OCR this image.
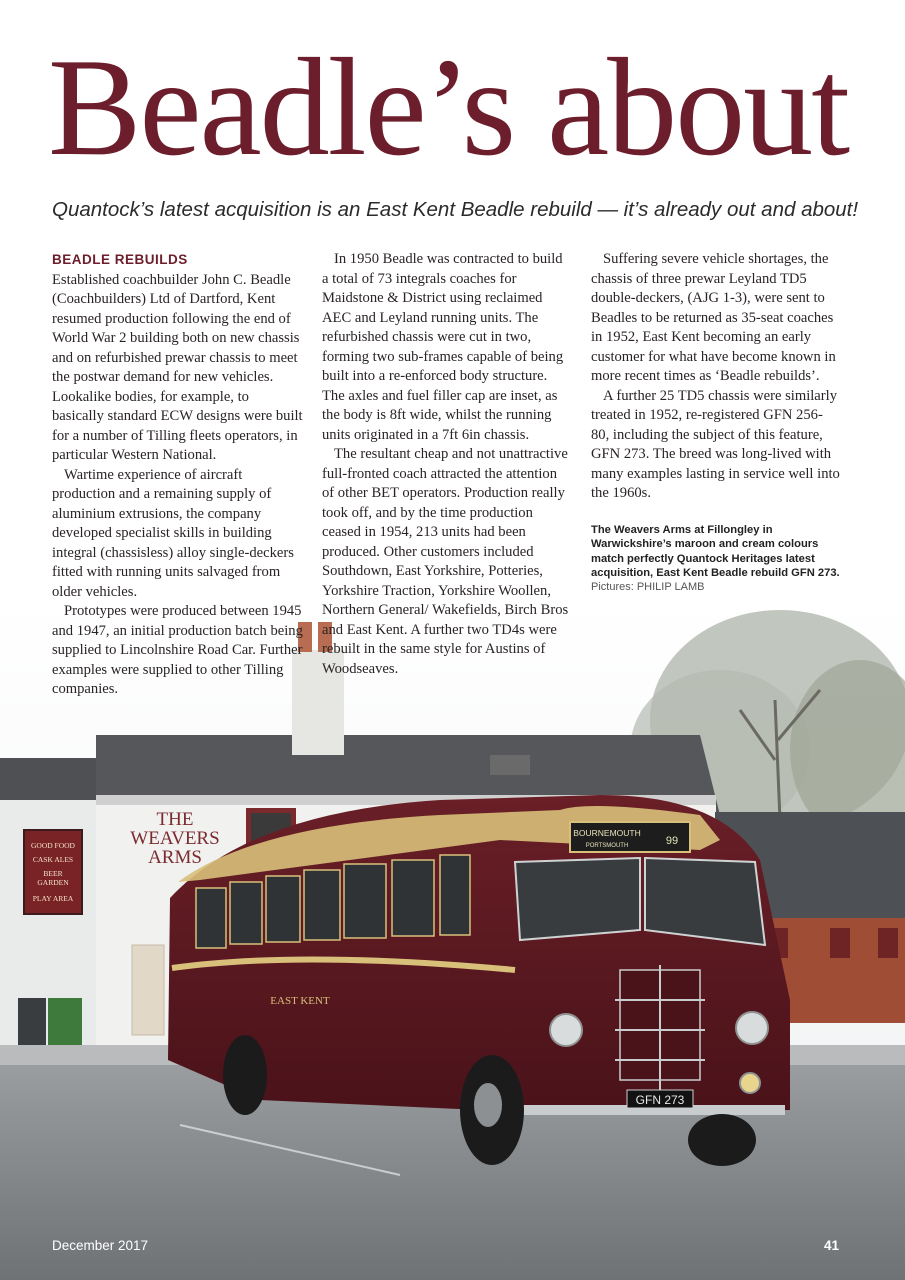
THE
WEAVERS
ARMS
GOOD FOOD
CASK ALES
BEER
GARDEN
PLAY AREA
BOURNEMOUTH
PORTSMOUTH	99
GFN 273
EAST KENT
Beadle’s about
Quantock’s latest acquisition is an East Kent Beadle rebuild — it’s already out and about!
BEADLE REBUILDS

Established coachbuilder John C. Beadle (Coachbuilders) Ltd of Dartford, Kent resumed production following the end of World War 2 building both on new chassis and on refurbished prewar chassis to meet the postwar demand for new vehicles. Lookalike bodies, for example, to basically standard ECW designs were built for a number of Tilling fleets operators, in particular Western National.

Wartime experience of aircraft production and a remaining supply of aluminium extrusions, the company developed specialist skills in building integral (chassisless) alloy single-deckers fitted with running units salvaged from older vehicles.

Prototypes were produced between 1945 and 1947, an initial production batch being supplied to Lincolnshire Road Car. Further examples were supplied to other Tilling companies.

In 1950 Beadle was contracted to build a total of 73 integrals coaches for Maidstone & District using reclaimed AEC and Leyland running units. The refurbished chassis were cut in two, forming two sub-frames capable of being built into a re-enforced body structure. The axles and fuel filler cap are inset, as the body is 8ft wide, whilst the running units originated in a 7ft 6in chassis.

The resultant cheap and not unattractive full-fronted coach attracted the attention of other BET operators. Production really took off, and by the time production ceased in 1954, 213 units had been produced. Other customers included Southdown, East Yorkshire, Potteries, Yorkshire Traction, Yorkshire Woollen, Northern General/ Wakefields, Birch Bros and East Kent. A further two TD4s were rebuilt in the same style for Austins of Woodseaves.

Suffering severe vehicle shortages, the chassis of three prewar Leyland TD5 double-deckers, (AJG 1-3), were sent to Beadles to be returned as 35-seat coaches in 1952, East Kent becoming an early customer for what have become known in more recent times as ‘Beadle rebuilds’.

A further 25 TD5 chassis were similarly treated in 1952, re-registered GFN 256-80, including the subject of this feature, GFN 273. The breed was long-lived with many examples lasting in service well into the 1960s.

The Weavers Arms at Fillongley in Warwickshire’s maroon and cream colours match perfectly Quantock Heritages latest acquisition, East Kent Beadle rebuild GFN 273.
Pictures: PHILIP LAMB
December 2017	41
